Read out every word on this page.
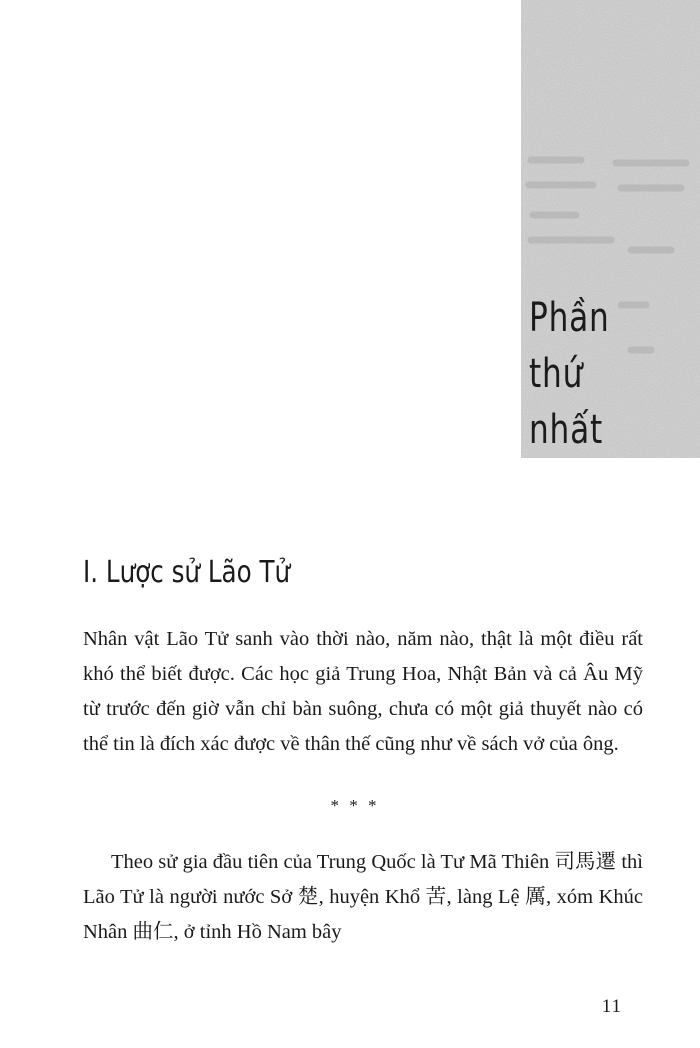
Phần
thứ
nhất
I. Lược sử Lão Tử

Nhân vật Lão Tử sanh vào thời nào, năm nào, thật là một điều rất khó thể biết được. Các học giả Trung Hoa, Nhật Bản và cả Âu Mỹ từ trước đến giờ vẫn chỉ bàn suông, chưa có một giả thuyết nào có thể tin là đích xác được về thân thế cũng như về sách vở của ông.

* * *

Theo sử gia đầu tiên của Trung Quốc là Tư Mã Thiên 司馬遷 thì Lão Tử là người nước Sở 楚, huyện Khổ 苦, làng Lệ 厲, xóm Khúc Nhân 曲仁, ở tỉnh Hồ Nam bây

11
